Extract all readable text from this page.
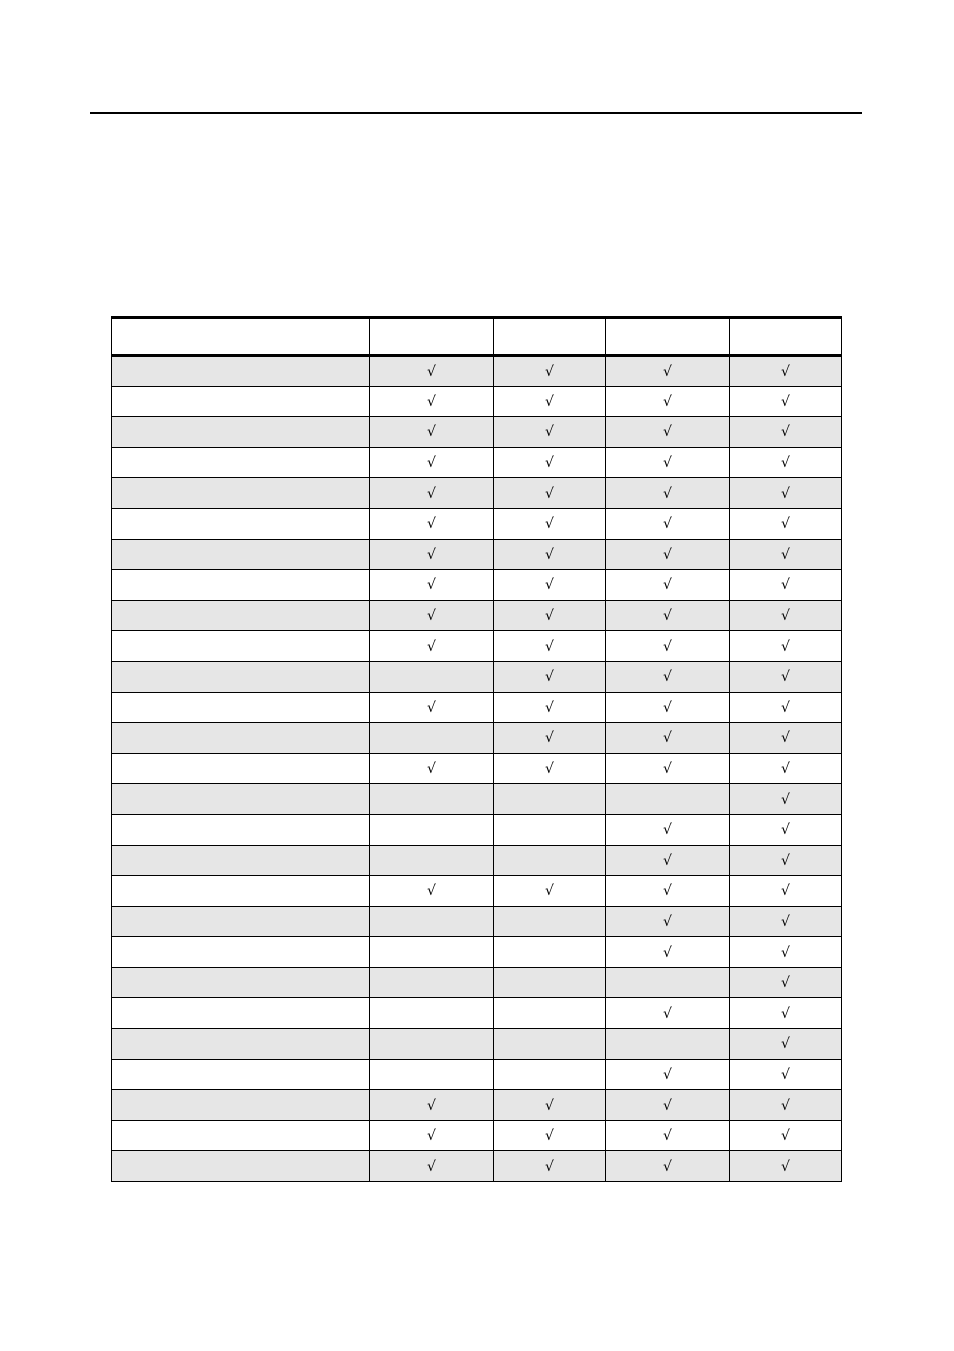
	√	√	√	√
	√	√	√	√
	√	√	√	√
	√	√	√	√
	√	√	√	√
	√	√	√	√
	√	√	√	√
	√	√	√	√
	√	√	√	√
	√	√	√	√
		√	√	√
	√	√	√	√
		√	√	√
	√	√	√	√
				√
			√	√
			√	√
	√	√	√	√
			√	√
			√	√
				√
			√	√
				√
			√	√
	√	√	√	√
	√	√	√	√
	√	√	√	√
